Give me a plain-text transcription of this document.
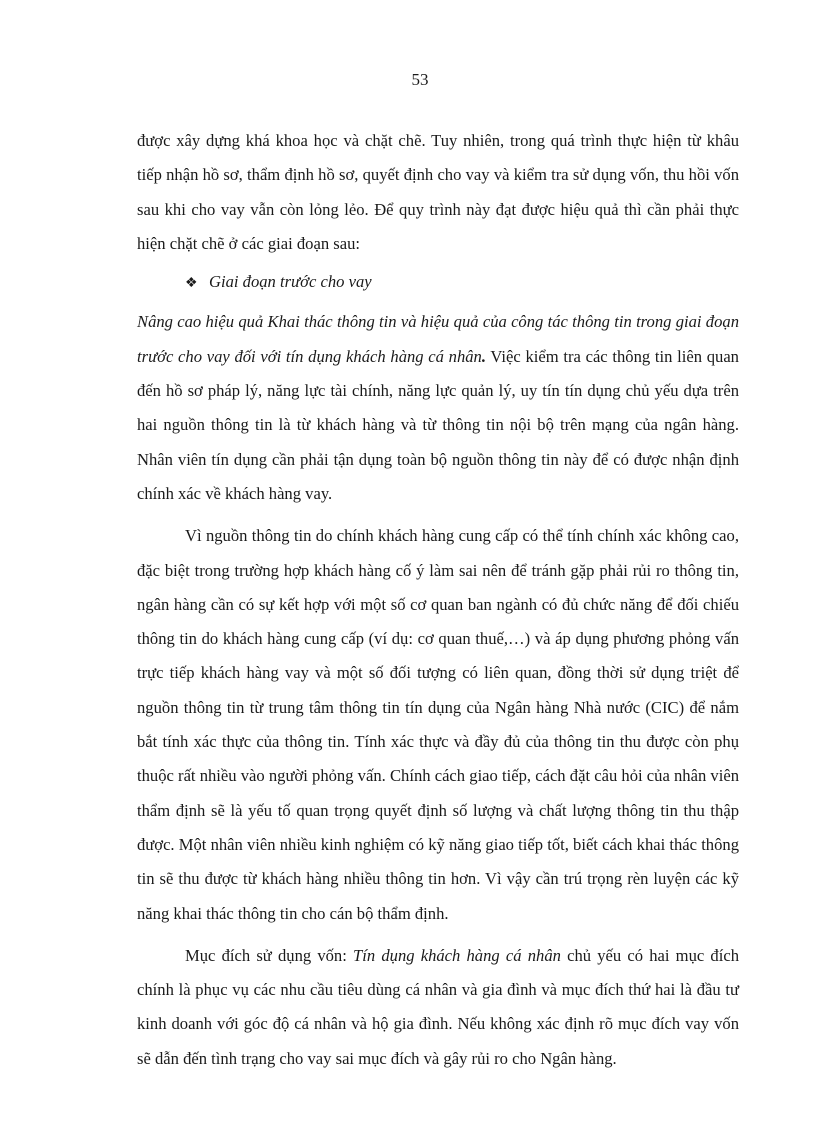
53

được xây dựng khá khoa học và chặt chẽ. Tuy nhiên, trong quá trình thực hiện từ khâu tiếp nhận hồ sơ, thẩm định hồ sơ, quyết định cho vay và kiểm tra sử dụng vốn, thu hồi vốn sau khi cho vay vẫn còn lỏng lẻo. Để quy trình này đạt được hiệu quả thì cần phải thực hiện chặt chẽ ở các giai đoạn sau:

❖ Giai đoạn trước cho vay

Nâng cao hiệu quả Khai thác thông tin và hiệu quả của công tác thông tin trong giai đoạn trước cho vay đối với tín dụng khách hàng cá nhân. Việc kiểm tra các thông tin liên quan đến hồ sơ pháp lý, năng lực tài chính, năng lực quản lý, uy tín tín dụng chủ yếu dựa trên hai nguồn thông tin là từ khách hàng và từ thông tin nội bộ trên mạng của ngân hàng. Nhân viên tín dụng cần phải tận dụng toàn bộ nguồn thông tin này để có được nhận định chính xác về khách hàng vay.

Vì nguồn thông tin do chính khách hàng cung cấp có thể tính chính xác không cao, đặc biệt trong trường hợp khách hàng cố ý làm sai nên để tránh gặp phải rủi ro thông tin, ngân hàng cần có sự kết hợp với một số cơ quan ban ngành có đủ chức năng để đối chiếu thông tin do khách hàng cung cấp (ví dụ: cơ quan thuế,…) và áp dụng phương phỏng vấn trực tiếp khách hàng vay và một số đối tượng có liên quan, đồng thời sử dụng triệt để nguồn thông tin từ trung tâm thông tin tín dụng của Ngân hàng Nhà nước (CIC) để nắm bắt tính xác thực của thông tin. Tính xác thực và đầy đủ của thông tin thu được còn phụ thuộc rất nhiều vào người phỏng vấn. Chính cách giao tiếp, cách đặt câu hỏi của nhân viên thẩm định sẽ là yếu tố quan trọng quyết định số lượng và chất lượng thông tin thu thập được. Một nhân viên nhiều kinh nghiệm có kỹ năng giao tiếp tốt, biết cách khai thác thông tin sẽ thu được từ khách hàng nhiều thông tin hơn. Vì vậy cần trú trọng rèn luyện các kỹ năng khai thác thông tin cho cán bộ thẩm định.

Mục đích sử dụng vốn: Tín dụng khách hàng cá nhân chủ yếu có hai mục đích chính là phục vụ các nhu cầu tiêu dùng cá nhân và gia đình và mục đích thứ hai là đầu tư kinh doanh với góc độ cá nhân và hộ gia đình. Nếu không xác định rõ mục đích vay vốn sẽ dẫn đến tình trạng cho vay sai mục đích và gây rủi ro cho Ngân hàng.
